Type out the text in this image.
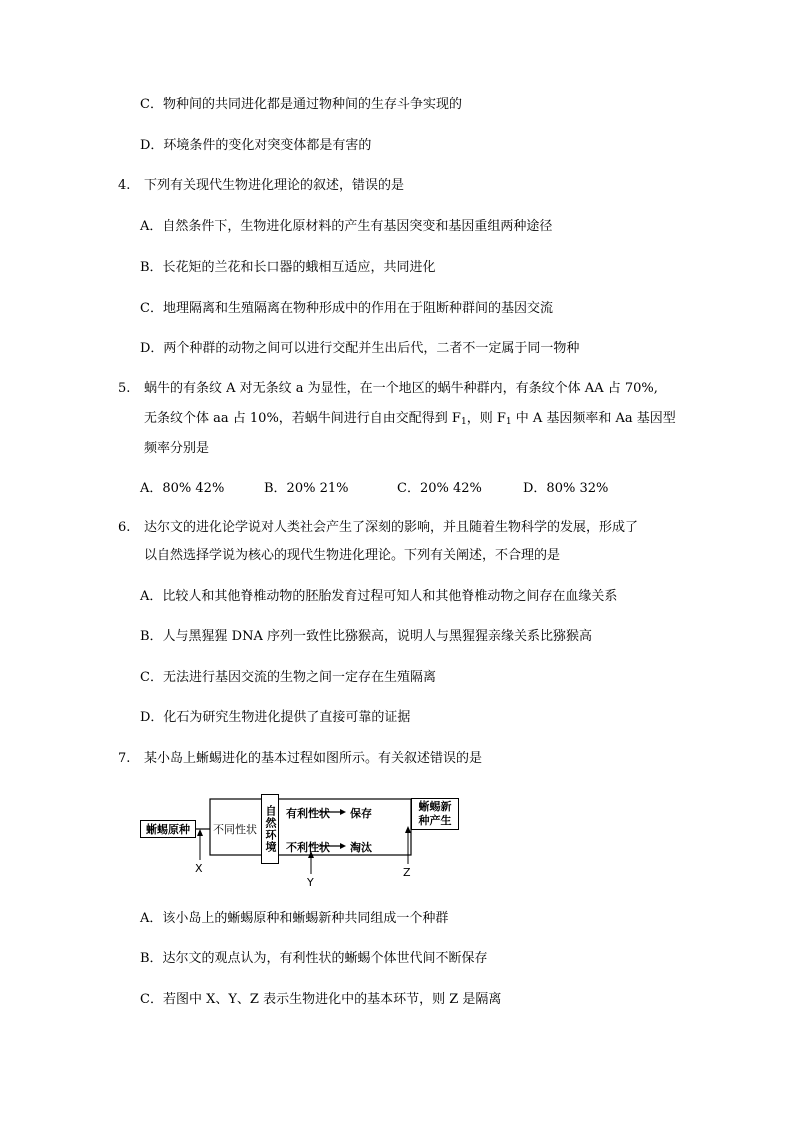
C．物种间的共同进化都是通过物种间的生存斗争实现的
D．环境条件的变化对突变体都是有害的
4. 下列有关现代生物进化理论的叙述，错误的是
A．自然条件下，生物进化原材料的产生有基因突变和基因重组两种途径
B．长花矩的兰花和长口器的蛾相互适应，共同进化
C．地理隔离和生殖隔离在物种形成中的作用在于阻断种群间的基因交流
D．两个种群的动物之间可以进行交配并生出后代，二者不一定属于同一物种
5. 蜗牛的有条纹 A 对无条纹 a 为显性，在一个地区的蜗牛种群内，有条纹个体 AA 占 70%,
无条纹个体 aa 占 10%，若蜗牛间进行自由交配得到 $F_1$，则 $F_1$ 中 A 基因频率和 Aa 基因型
频率分别是
A．80% 42%	B．20% 21%	C．20% 42%	D．80% 32%
6. 达尔文的进化论学说对人类社会产生了深刻的影响，并且随着生物科学的发展，形成了
以自然选择学说为核心的现代生物进化理论。下列有关阐述，不合理的是
A．比较人和其他脊椎动物的胚胎发育过程可知人和其他脊椎动物之间存在血缘关系
B．人与黑猩猩 DNA 序列一致性比猕猴高，说明人与黑猩猩亲缘关系比猕猴高
C．无法进行基因交流的生物之间一定存在生殖隔离
D．化石为研究生物进化提供了直接可靠的证据
7. 某小岛上蜥蜴进化的基本过程如图所示。有关叙述错误的是
蜥蜴原种	不同性状 自然环境 有利性状 保存
不利性状 淘汰
蜥蜴新
种产生
X
Y
Z
A．该小岛上的蜥蜴原种和蜥蜴新种共同组成一个种群
B．达尔文的观点认为，有利性状的蜥蜴个体世代间不断保存
C．若图中 X、Y、Z 表示生物进化中的基本环节，则 Z 是隔离
